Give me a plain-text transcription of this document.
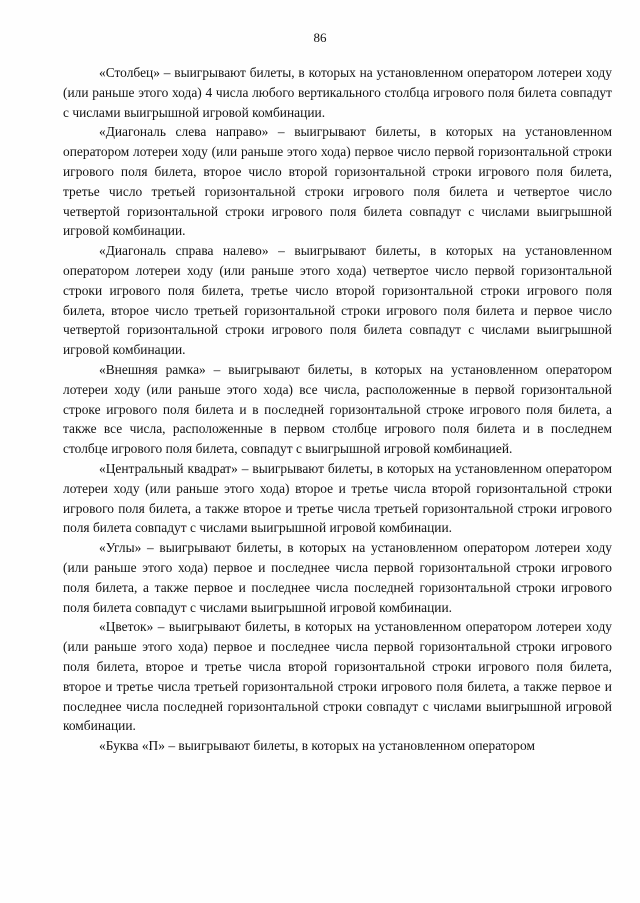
86

«Столбец» – выигрывают билеты, в которых на установленном оператором лотереи ходу (или раньше этого хода) 4 числа любого вертикального столбца игрового поля билета совпадут с числами выигрышной игровой комбинации.

«Диагональ слева направо» – выигрывают билеты, в которых на установленном оператором лотереи ходу (или раньше этого хода) первое число первой горизонтальной строки игрового поля билета, второе число второй горизонтальной строки игрового поля билета, третье число третьей горизонтальной строки игрового поля билета и четвертое число четвертой горизонтальной строки игрового поля билета совпадут с числами выигрышной игровой комбинации.

«Диагональ справа налево» – выигрывают билеты, в которых на установленном оператором лотереи ходу (или раньше этого хода) четвертое число первой горизонтальной строки игрового поля билета, третье число второй горизонтальной строки игрового поля билета, второе число третьей горизонтальной строки игрового поля билета и первое число четвертой горизонтальной строки игрового поля билета совпадут с числами выигрышной игровой комбинации.

«Внешняя рамка» – выигрывают билеты, в которых на установленном оператором лотереи ходу (или раньше этого хода) все числа, расположенные в первой горизонтальной строке игрового поля билета и в последней горизонтальной строке игрового поля билета, а также все числа, расположенные в первом столбце игрового поля билета и в последнем столбце игрового поля билета, совпадут с выигрышной игровой комбинацией.

«Центральный квадрат» – выигрывают билеты, в которых на установленном оператором лотереи ходу (или раньше этого хода) второе и третье числа второй горизонтальной строки игрового поля билета, а также второе и третье числа третьей горизонтальной строки игрового поля билета совпадут с числами выигрышной игровой комбинации.

«Углы» – выигрывают билеты, в которых на установленном оператором лотереи ходу (или раньше этого хода) первое и последнее числа первой горизонтальной строки игрового поля билета, а также первое и последнее числа последней горизонтальной строки игрового поля билета совпадут с числами выигрышной игровой комбинации.

«Цветок» – выигрывают билеты, в которых на установленном оператором лотереи ходу (или раньше этого хода) первое и последнее числа первой горизонтальной строки игрового поля билета, второе и третье числа второй горизонтальной строки игрового поля билета, второе и третье числа третьей горизонтальной строки игрового поля билета, а также первое и последнее числа последней горизонтальной строки совпадут с числами выигрышной игровой комбинации.

«Буква «П» – выигрывают билеты, в которых на установленном оператором
